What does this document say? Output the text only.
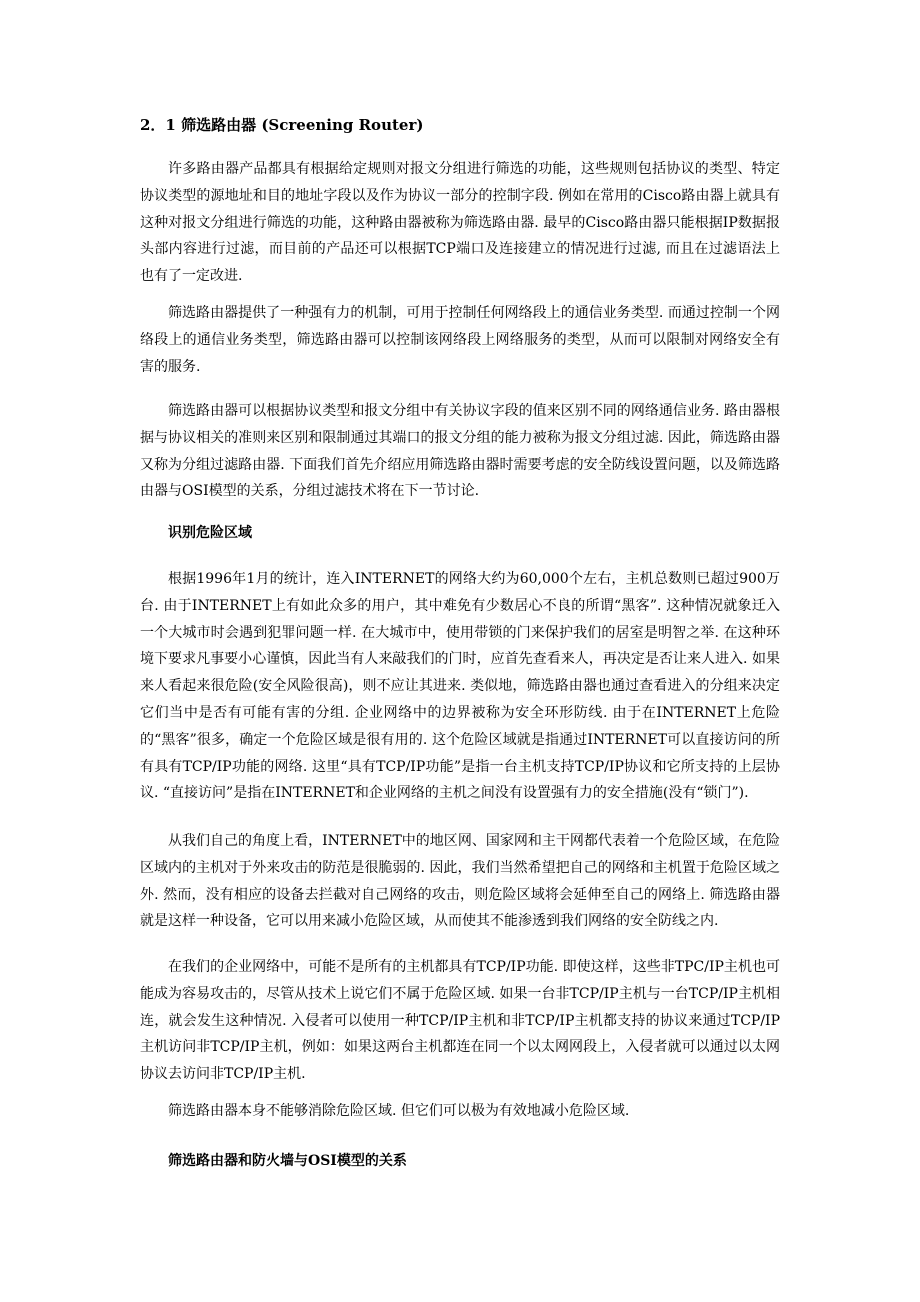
2．1 筛选路由器 (Screening Router)

许多路由器产品都具有根据给定规则对报文分组进行筛选的功能，这些规则包括协议的类型、特定协议类型的源地址和目的地址字段以及作为协议一部分的控制字段. 例如在常用的Cisco路由器上就具有这种对报文分组进行筛选的功能，这种路由器被称为筛选路由器. 最早的Cisco路由器只能根据IP数据报头部内容进行过滤，而目前的产品还可以根据TCP端口及连接建立的情况进行过滤, 而且在过滤语法上也有了一定改进.

筛选路由器提供了一种强有力的机制，可用于控制任何网络段上的通信业务类型. 而通过控制一个网络段上的通信业务类型，筛选路由器可以控制该网络段上网络服务的类型，从而可以限制对网络安全有害的服务.

筛选路由器可以根据协议类型和报文分组中有关协议字段的值来区别不同的网络通信业务. 路由器根据与协议相关的准则来区别和限制通过其端口的报文分组的能力被称为报文分组过滤. 因此，筛选路由器又称为分组过滤路由器. 下面我们首先介绍应用筛选路由器时需要考虑的安全防线设置问题，以及筛选路由器与OSI模型的关系，分组过滤技术将在下一节讨论.

识别危险区域

根据1996年1月的统计，连入INTERNET的网络大约为60,000个左右，主机总数则已超过900万台. 由于INTERNET上有如此众多的用户，其中难免有少数居心不良的所谓“黑客”. 这种情况就象迁入一个大城市时会遇到犯罪问题一样. 在大城市中，使用带锁的门来保护我们的居室是明智之举. 在这种环境下要求凡事要小心谨慎，因此当有人来敲我们的门时，应首先查看来人，再决定是否让来人进入. 如果来人看起来很危险(安全风险很高)，则不应让其进来. 类似地，筛选路由器也通过查看进入的分组来决定它们当中是否有可能有害的分组. 企业网络中的边界被称为安全环形防线. 由于在INTERNET上危险的“黑客”很多，确定一个危险区域是很有用的. 这个危险区域就是指通过INTERNET可以直接访问的所有具有TCP/IP功能的网络. 这里“具有TCP/IP功能”是指一台主机支持TCP/IP协议和它所支持的上层协议. “直接访问”是指在INTERNET和企业网络的主机之间没有设置强有力的安全措施(没有“锁门”).

从我们自己的角度上看，INTERNET中的地区网、国家网和主干网都代表着一个危险区域，在危险区域内的主机对于外来攻击的防范是很脆弱的. 因此，我们当然希望把自己的网络和主机置于危险区域之外. 然而，没有相应的设备去拦截对自己网络的攻击，则危险区域将会延伸至自己的网络上. 筛选路由器就是这样一种设备，它可以用来减小危险区域，从而使其不能渗透到我们网络的安全防线之内.

在我们的企业网络中，可能不是所有的主机都具有TCP/IP功能. 即使这样，这些非TPC/IP主机也可能成为容易攻击的，尽管从技术上说它们不属于危险区域. 如果一台非TCP/IP主机与一台TCP/IP主机相连，就会发生这种情况. 入侵者可以使用一种TCP/IP主机和非TCP/IP主机都支持的协议来通过TCP/IP主机访问非TCP/IP主机，例如：如果这两台主机都连在同一个以太网网段上，入侵者就可以通过以太网协议去访问非TCP/IP主机.

筛选路由器本身不能够消除危险区域. 但它们可以极为有效地减小危险区域.

筛选路由器和防火墙与OSI模型的关系
